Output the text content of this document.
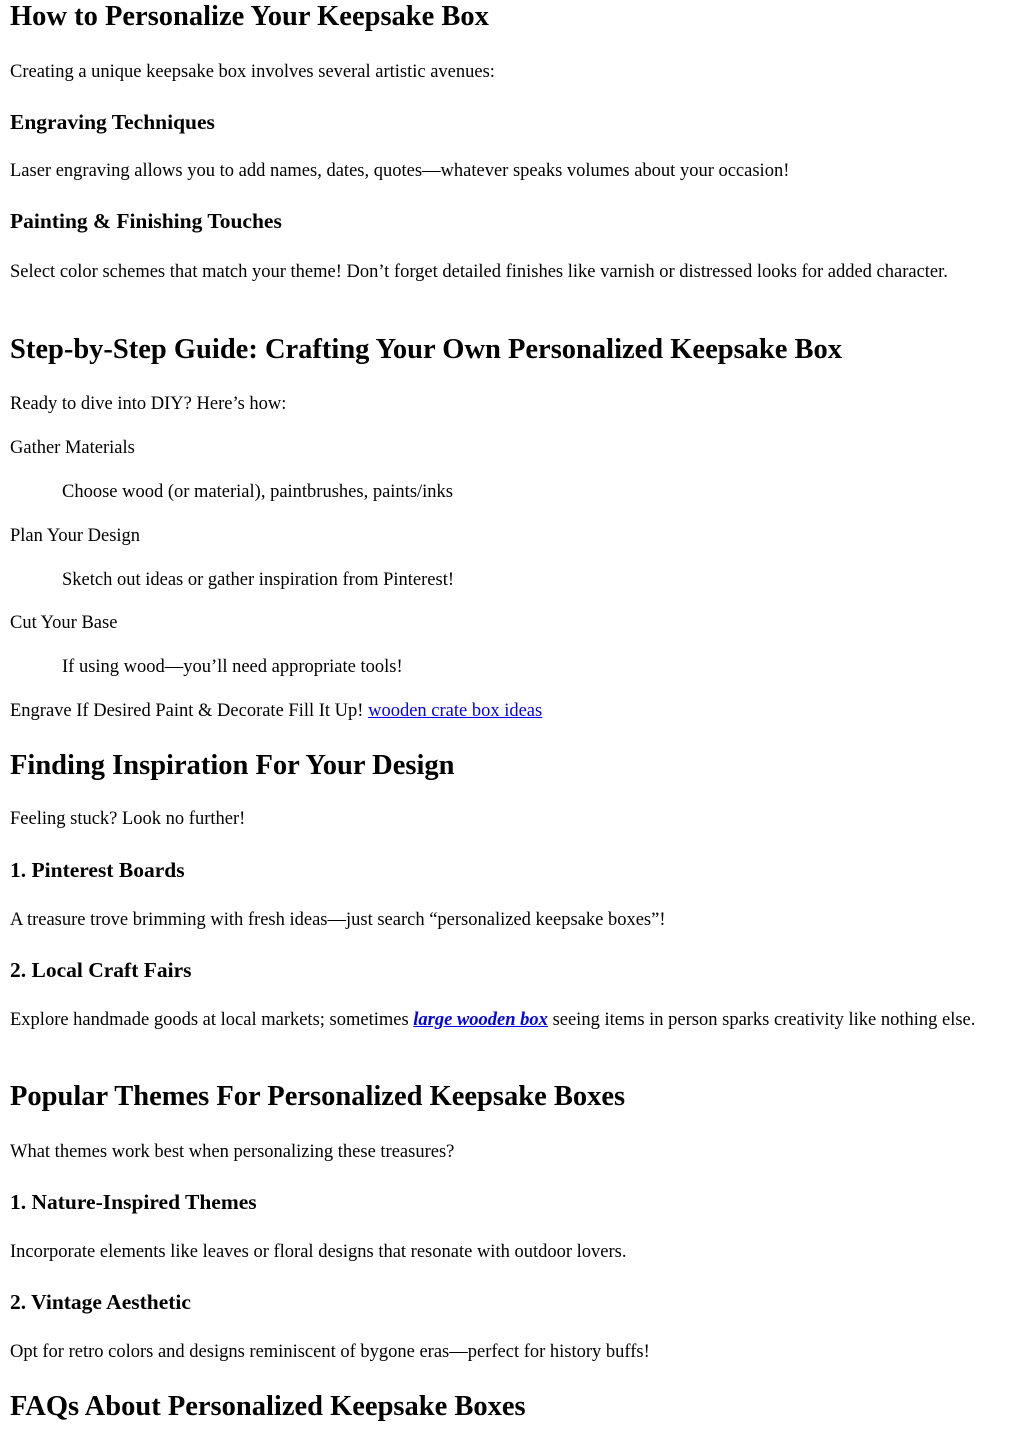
How to Personalize Your Keepsake Box

Creating a unique keepsake box involves several artistic avenues:

Engraving Techniques

Laser engraving allows you to add names, dates, quotes—whatever speaks volumes about your occasion!

Painting & Finishing Touches

Select color schemes that match your theme! Don’t forget detailed finishes like varnish or distressed looks for added character.

Step-by-Step Guide: Crafting Your Own Personalized Keepsake Box

Ready to dive into DIY? Here’s how:

Gather Materials

Choose wood (or material), paintbrushes, paints/inks

Plan Your Design

Sketch out ideas or gather inspiration from Pinterest!

Cut Your Base

If using wood—you’ll need appropriate tools!

Engrave If Desired Paint & Decorate Fill It Up! wooden crate box ideas

Finding Inspiration For Your Design

Feeling stuck? Look no further!

1. Pinterest Boards

A treasure trove brimming with fresh ideas—just search “personalized keepsake boxes”!

2. Local Craft Fairs

Explore handmade goods at local markets; sometimes large wooden box seeing items in person sparks creativity like nothing else.

Popular Themes For Personalized Keepsake Boxes

What themes work best when personalizing these treasures?

1. Nature-Inspired Themes

Incorporate elements like leaves or floral designs that resonate with outdoor lovers.

2. Vintage Aesthetic

Opt for retro colors and designs reminiscent of bygone eras—perfect for history buffs!

FAQs About Personalized Keepsake Boxes
